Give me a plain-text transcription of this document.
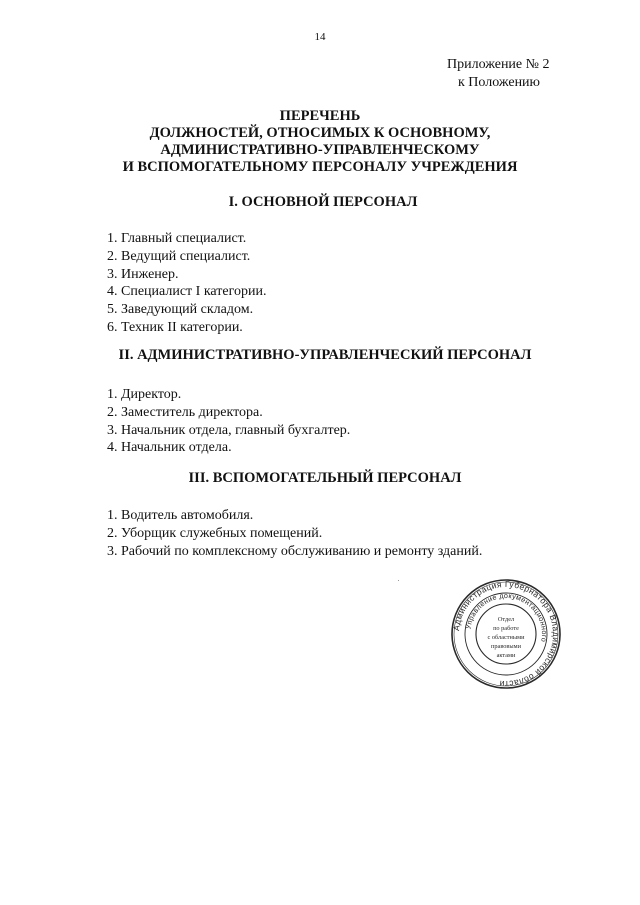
14
Приложение № 2
к Положению
ПЕРЕЧЕНЬ
ДОЛЖНОСТЕЙ, ОТНОСИМЫХ К ОСНОВНОМУ,
АДМИНИСТРАТИВНО-УПРАВЛЕНЧЕСКОМУ
И ВСПОМОГАТЕЛЬНОМУ ПЕРСОНАЛУ УЧРЕЖДЕНИЯ
I. ОСНОВНОЙ ПЕРСОНАЛ
1. Главный специалист.
2. Ведущий специалист.
3. Инженер.
4. Специалист I категории.
5. Заведующий складом.
6. Техник II категории.
II. АДМИНИСТРАТИВНО-УПРАВЛЕНЧЕСКИЙ ПЕРСОНАЛ
1. Директор.
2. Заместитель директора.
3. Начальник отдела, главный бухгалтер.
4. Начальник отдела.
III. ВСПОМОГАТЕЛЬНЫЙ ПЕРСОНАЛ
1. Водитель автомобиля.
2. Уборщик служебных помещений.
3. Рабочий по комплексному обслуживанию и ремонту зданий.
Администрация Губернатора Владимирской области
Управление документационного
Отдел
по работе
с областными
правовыми
актами
